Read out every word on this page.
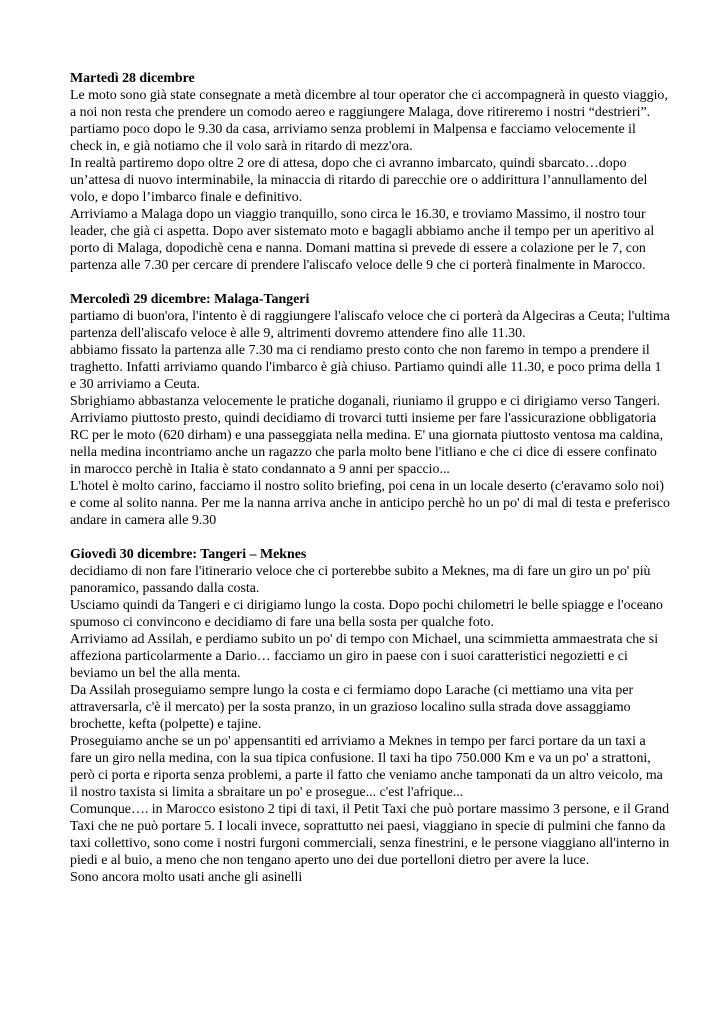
Martedì 28 dicembre
Le moto sono già state consegnate a metà dicembre al tour operator che ci accompagnerà in questo viaggio, a noi non resta che prendere un comodo aereo e raggiungere Malaga, dove ritireremo i nostri “destrieri”.
partiamo poco dopo le 9.30 da casa, arriviamo senza problemi in Malpensa e facciamo velocemente il check in, e già notiamo che il volo sarà in ritardo di mezz'ora.
In realtà partiremo dopo oltre 2 ore di attesa, dopo che ci avranno imbarcato, quindi sbarcato…dopo un’attesa di nuovo interminabile, la minaccia di ritardo di parecchie ore o addirittura l’annullamento del volo, e dopo l’imbarco finale e definitivo.
Arriviamo a Malaga dopo un viaggio tranquillo, sono circa le 16.30, e troviamo Massimo, il nostro tour leader, che già ci aspetta. Dopo aver sistemato moto e bagagli abbiamo anche il tempo per un aperitivo al porto di Malaga, dopodichè cena e nanna. Domani mattina si prevede di essere a colazione per le 7, con partenza alle 7.30 per cercare di prendere l'aliscafo veloce delle 9 che ci porterà finalmente in Marocco.
Mercoledì 29 dicembre: Malaga-Tangeri
partiamo di buon'ora, l'intento è di raggiungere l'aliscafo veloce che ci porterà da Algeciras a Ceuta; l'ultima partenza dell'aliscafo veloce è alle 9, altrimenti dovremo attendere fino alle 11.30.
abbiamo fissato la partenza alle 7.30 ma ci rendiamo presto conto che non faremo in tempo a prendere il traghetto. Infatti arriviamo quando l'imbarco è già chiuso. Partiamo quindi alle 11.30, e poco prima della 1 e 30 arriviamo a Ceuta.
Sbrighiamo abbastanza velocemente le pratiche doganali, riuniamo il gruppo e ci dirigiamo verso Tangeri.
Arriviamo piuttosto presto, quindi decidiamo di trovarci tutti insieme per fare l'assicurazione obbligatoria RC per le moto (620 dirham) e una passeggiata nella medina. E' una giornata piuttosto ventosa ma caldina, nella medina incontriamo anche un ragazzo che parla molto bene l'itliano e che ci dice di essere confinato in marocco perchè in Italia è stato condannato a 9 anni per spaccio...
L'hotel è molto carino, facciamo il nostro solito briefing, poi cena in un locale deserto (c'eravamo solo noi) e come al solito nanna. Per me la nanna arriva anche in anticipo perchè ho un po' di mal di testa e preferisco andare in camera alle 9.30
Giovedì 30 dicembre: Tangeri – Meknes
decidiamo di non fare l'itinerario veloce che ci porterebbe subito a Meknes, ma di fare un giro un po' più panoramico, passando dalla costa.
Usciamo quindi da Tangeri e ci dirigiamo lungo la costa. Dopo pochi chilometri le belle spiagge e l'oceano spumoso ci convincono e decidiamo di fare una bella sosta per qualche foto.
Arriviamo ad Assilah, e perdiamo subito un po' di tempo con Michael, una scimmietta ammaestrata che si affeziona particolarmente a Dario… facciamo un giro in paese con i suoi caratteristici negozietti e ci beviamo un bel the alla menta.
Da Assilah proseguiamo sempre lungo la costa e ci fermiamo dopo Larache (ci mettiamo una vita per attraversarla, c'è il mercato) per la sosta pranzo, in un grazioso localino sulla strada dove assaggiamo brochette, kefta (polpette) e tajine.
Proseguiamo anche se un po' appensantiti ed arriviamo a Meknes in tempo per farci portare da un taxi a fare un giro nella medina, con la sua tipica confusione. Il taxi ha tipo 750.000 Km e va un po' a strattoni, però ci porta e riporta senza problemi, a parte il fatto che veniamo anche tamponati da un altro veicolo, ma il nostro taxista si limita a sbraitare un po' e prosegue... c'est l'afrique...
Comunque…. in Marocco esistono 2 tipi di taxi, il Petit Taxi che può portare massimo 3 persone, e il Grand Taxi che ne può portare 5. I locali invece, soprattutto nei paesi, viaggiano in specie di pulmini che fanno da taxi collettivo, sono come i nostri furgoni commerciali, senza finestrini, e le persone viaggiano all'interno in piedi e al buio, a meno che non tengano aperto uno dei due portelloni dietro per avere la luce.
Sono ancora molto usati anche gli asinelli
